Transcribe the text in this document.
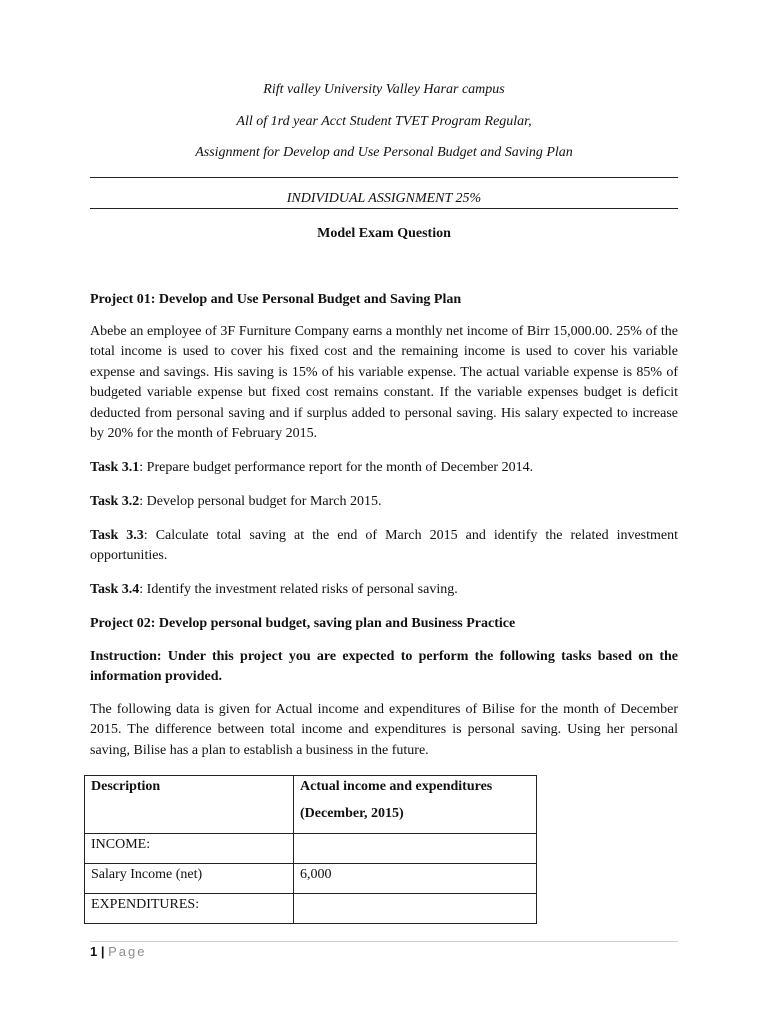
Rift valley University Valley Harar campus
All of 1rd year Acct Student TVET Program Regular,
Assignment for Develop and Use Personal Budget and Saving Plan
INDIVIDUAL ASSIGNMENT 25%
Model Exam Question
Project 01: Develop and Use Personal Budget and Saving Plan
Abebe an employee of 3F Furniture Company earns a monthly net income of Birr 15,000.00. 25% of the total income is used to cover his fixed cost and the remaining income is used to cover his variable expense and savings. His saving is 15% of his variable expense. The actual variable expense is 85% of budgeted variable expense but fixed cost remains constant. If the variable expenses budget is deficit deducted from personal saving and if surplus added to personal saving. His salary expected to increase by 20% for the month of February 2015.
Task 3.1: Prepare budget performance report for the month of December 2014.
Task 3.2: Develop personal budget for March 2015.
Task 3.3: Calculate total saving at the end of March 2015 and identify the related investment opportunities.
Task 3.4: Identify the investment related risks of personal saving.
Project 02: Develop personal budget, saving plan and Business Practice
Instruction: Under this project you are expected to perform the following tasks based on the information provided.
The following data is given for Actual income and expenditures of Bilise for the month of December 2015. The difference between total income and expenditures is personal saving. Using her personal saving, Bilise has a plan to establish a business in the future.
Description	Actual income and expenditures
(December, 2015)

INCOME:	
Salary Income (net)	6,000
EXPENDITURES:	
1 | Page
